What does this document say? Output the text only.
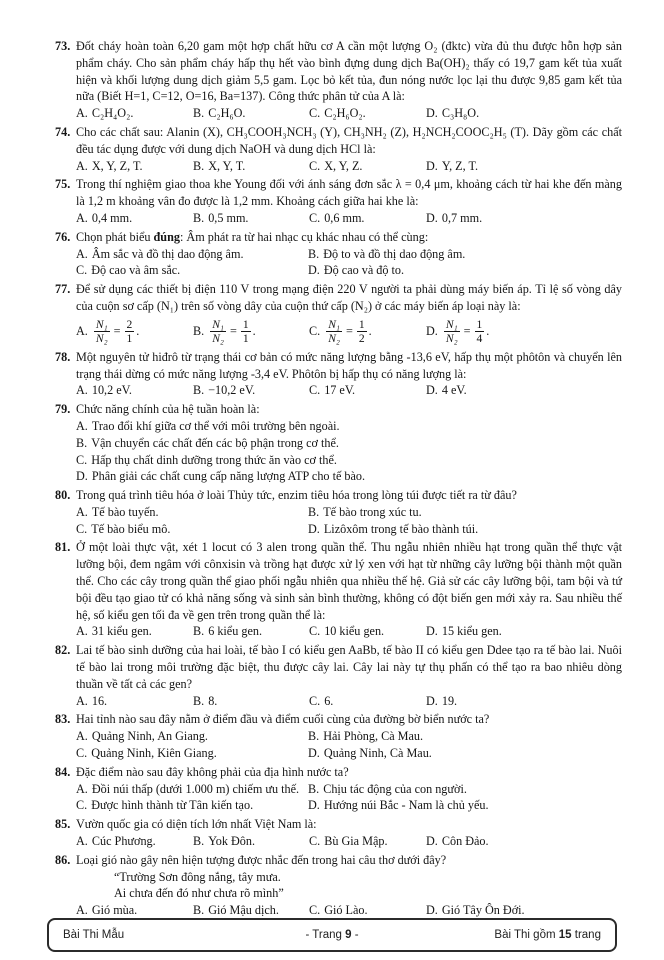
73. Đốt cháy hoàn toàn 6,20 gam một hợp chất hữu cơ A cần một lượng O₂ (đktc) vừa đủ thu được hỗn hợp sản phẩm cháy. Cho sản phẩm cháy hấp thụ hết vào bình đựng dung dịch Ba(OH)₂ thấy có 19,7 gam kết tủa xuất hiện và khối lượng dung dịch giảm 5,5 gam. Lọc bỏ kết tủa, đun nóng nước lọc lại thu được 9,85 gam kết tủa nữa (Biết H=1, C=12, O=16, Ba=137). Công thức phân tử của A là:
A. C₂H₄O₂.	B. C₂H₆O.	C. C₂H₆O₂.	D. C₃H₈O.
74. Cho các chất sau: Alanin (X), CH₃COOH₃NCH₃ (Y), CH₃NH₂ (Z), H₂NCH₂COOC₂H₅ (T). Dãy gồm các chất đều tác dụng được với dung dịch NaOH và dung dịch HCl là:
A. X, Y, Z, T.	B. X, Y, T.	C. X, Y, Z.	D. Y, Z, T.
75. Trong thí nghiệm giao thoa khe Young đối với ánh sáng đơn sắc λ = 0,4 μm, khoảng cách từ hai khe đến màng là 1,2 m khoảng vân đo được là 1,2 mm. Khoảng cách giữa hai khe là:
A. 0,4 mm.	B. 0,5 mm.	C. 0,6 mm.	D. 0,7 mm.
76. Chọn phát biểu đúng: Âm phát ra từ hai nhạc cụ khác nhau có thể cùng:
A. Âm sắc và đồ thị dao động âm.	B. Độ to và đồ thị dao động âm.
C. Độ cao và âm sắc.	D. Độ cao và độ to.
77. Để sử dụng các thiết bị điện 110 V trong mạng điện 220 V người ta phải dùng máy biến áp. Tỉ lệ số vòng dây của cuộn sơ cấp (N₁) trên số vòng dây của cuộn thứ cấp (N₂) ở các máy biến áp loại này là:
A. $\frac{\text{N₁}}{\text{N₂}} = \frac{2}{1}$ .	B. $\frac{\text{N₁}}{\text{N₂}} = \frac{1}{1}$ .	C. $\frac{\text{N₁}}{\text{N₂}} = \frac{1}{2}$ .	D. $\frac{\text{N₁}}{\text{N₂}} = \frac{1}{4}$ .
78. Một nguyên tử hiđrô từ trạng thái cơ bản có mức năng lượng bằng -13,6 eV, hấp thụ một phôtôn và chuyển lên trạng thái dừng có mức năng lượng -3,4 eV. Phôtôn bị hấp thụ có năng lượng là:
A. 10,2 eV.	B. −10,2 eV.	C. 17 eV.	D. 4 eV.
79. Chức năng chính của hệ tuần hoàn là:
A. Trao đổi khí giữa cơ thể với môi trường bên ngoài.
B. Vận chuyển các chất đến các bộ phận trong cơ thể.
C. Hấp thụ chất dinh dưỡng trong thức ăn vào cơ thể.
D. Phân giải các chất cung cấp năng lượng ATP cho tế bào.
80. Trong quá trình tiêu hóa ở loài Thủy tức, enzim tiêu hóa trong lòng túi được tiết ra từ đâu?
A. Tế bào tuyến.	B. Tế bào trong xúc tu.
C. Tế bào biểu mô.	D. Lizôxôm trong tế bào thành túi.
81. Ở một loài thực vật, xét 1 locut có 3 alen trong quần thể. Thu ngẫu nhiên nhiều hạt trong quần thể thực vật lưỡng bội, đem ngâm với cônxisin và trồng hạt được xử lý xen với hạt từ những cây lưỡng bội thành một quần thể. Cho các cây trong quần thể giao phối ngẫu nhiên qua nhiều thế hệ. Giả sử các cây lưỡng bội, tam bội và tứ bội đều tạo giao tử có khả năng sống và sinh sản bình thường, không có đột biến gen mới xảy ra. Sau nhiều thế hệ, số kiểu gen tối đa về gen trên trong quần thể là:
A. 31 kiểu gen.	B. 6 kiểu gen.	C. 10 kiểu gen.	D. 15 kiểu gen.
82. Lai tế bào sinh dưỡng của hai loài, tế bào I có kiểu gen AaBb, tế bào II có kiểu gen Ddee tạo ra tế bào lai. Nuôi tế bào lai trong môi trường đặc biệt, thu được cây lai. Cây lai này tự thụ phấn có thể tạo ra bao nhiêu dòng thuần về tất cả các gen?
A. 16.	B. 8.	C. 6.	D. 19.
83. Hai tỉnh nào sau đây nằm ở điểm đầu và điểm cuối cùng của đường bờ biển nước ta?
A. Quảng Ninh, An Giang.	B. Hải Phòng, Cà Mau.
C. Quảng Ninh, Kiên Giang.	D. Quảng Ninh, Cà Mau.
84. Đặc điểm nào sau đây không phải của địa hình nước ta?
A. Đồi núi thấp (dưới 1.000 m) chiếm ưu thế. B. Chịu tác động của con người.
C. Được hình thành từ Tân kiến tạo.	D. Hướng núi Bắc - Nam là chủ yếu.
85. Vườn quốc gia có diện tích lớn nhất Việt Nam là:
A. Cúc Phương.	B. Yok Đôn.	C. Bù Gia Mập.	D. Côn Đảo.
86. Loại gió nào gây nên hiện tượng được nhắc đến trong hai câu thơ dưới đây?
“Trường Sơn đông nắng, tây mưa.
Ai chưa đến đó như chưa rõ mình”
A. Gió mùa.	B. Gió Mậu dịch.	C. Gió Lào.	D. Gió Tây Ôn Đới.
Bài Thi Mẫu	- Trang 9 -	Bài Thi gồm 15 trang
